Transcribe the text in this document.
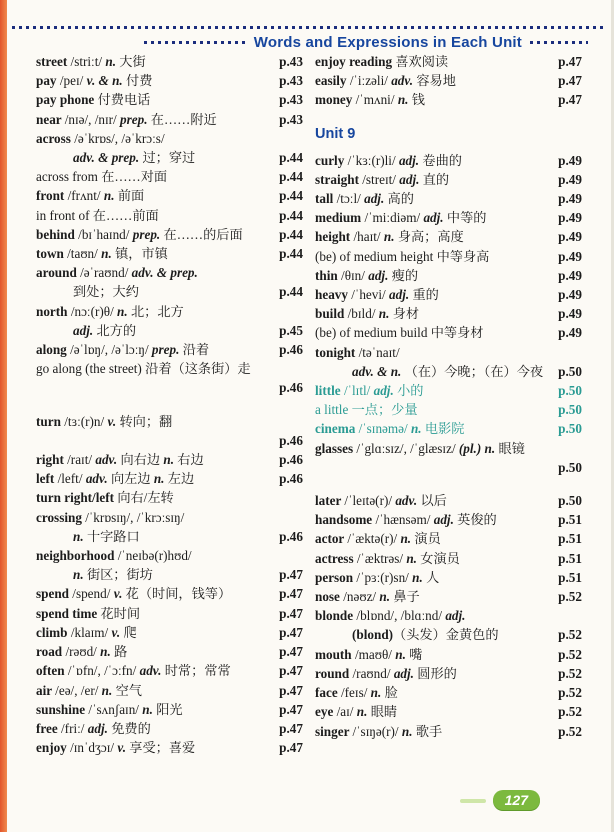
Words and Expressions in Each Unit
street /striːt/ n. 大街	p.43
pay /peɪ/ v. & n. 付费	p.43
pay phone 付费电话	p.43
near /nɪə/, /nɪr/ prep. 在……附近	p.43
across /əˈkrɒs/, /əˈkrɔːs/
adv. & prep. 过；穿过	p.44
across from 在……对面	p.44
front /frʌnt/ n. 前面	p.44
in front of 在……前面	p.44
behind /bɪˈhaɪnd/ prep. 在……的后面	p.44
town /taʊn/ n. 镇，市镇	p.44
around /əˈraʊnd/ adv. & prep.
到处；大约	p.44
north /nɔː(r)θ/ n. 北；北方
adj. 北方的	p.45
along /əˈlɒŋ/, /əˈlɔːŋ/ prep. 沿着	p.46
go along (the street) 沿着（这条街）走
p.46
turn /tɜː(r)n/ v. 转向；翻
p.46
right /raɪt/ adv. 向右边 n. 右边	p.46
left /left/ adv. 向左边 n. 左边	p.46
turn right/left 向右/左转
crossing /ˈkrɒsɪŋ/, /ˈkrɔːsɪŋ/
n. 十字路口	p.46
neighborhood /ˈneɪbə(r)hʊd/
n. 街区；街坊	p.47
spend /spend/ v. 花（时间，钱等）	p.47
spend time 花时间	p.47
climb /klaɪm/ v. 爬	p.47
road /rəʊd/ n. 路	p.47
often /ˈɒfn/, /ˈɔːfn/ adv. 时常；常常	p.47
air /eə/, /er/ n. 空气	p.47
sunshine /ˈsʌnʃaɪn/ n. 阳光	p.47
free /friː/ adj. 免费的	p.47
enjoy /ɪnˈdʒɔɪ/ v. 享受；喜爱	p.47
enjoy reading 喜欢阅读	p.47
easily /ˈiːzəli/ adv. 容易地	p.47
money /ˈmʌni/ n. 钱	p.47
Unit 9
curly /ˈkɜː(r)li/ adj. 卷曲的	p.49
straight /streɪt/ adj. 直的	p.49
tall /tɔːl/ adj. 高的	p.49
medium /ˈmiːdiəm/ adj. 中等的	p.49
height /haɪt/ n. 身高；高度	p.49
(be) of medium height 中等身高	p.49
thin /θɪn/ adj. 瘦的	p.49
heavy /ˈhevi/ adj. 重的	p.49
build /bɪld/ n. 身材	p.49
(be) of medium build 中等身材	p.49
tonight /təˈnaɪt/
adv. & n. （在）今晚；（在）今夜	p.50
little /ˈlɪtl/ adj. 小的	p.50
a little 一点；少量	p.50
cinema /ˈsɪnəmə/ n. 电影院	p.50
glasses /ˈglɑːsɪz/, /ˈglæsɪz/ (pl.) n. 眼镜
p.50
later /ˈleɪtə(r)/ adv. 以后	p.50
handsome /ˈhænsəm/ adj. 英俊的	p.51
actor /ˈæktə(r)/ n. 演员	p.51
actress /ˈæktrəs/ n. 女演员	p.51
person /ˈpɜː(r)sn/ n. 人	p.51
nose /nəʊz/ n. 鼻子	p.52
blonde /blɒnd/, /blɑːnd/ adj.
(blond)（头发）金黄色的	p.52
mouth /maʊθ/ n. 嘴	p.52
round /raʊnd/ adj. 圆形的	p.52
face /feɪs/ n. 脸	p.52
eye /aɪ/ n. 眼睛	p.52
singer /ˈsɪŋə(r)/ n. 歌手	p.52
127
